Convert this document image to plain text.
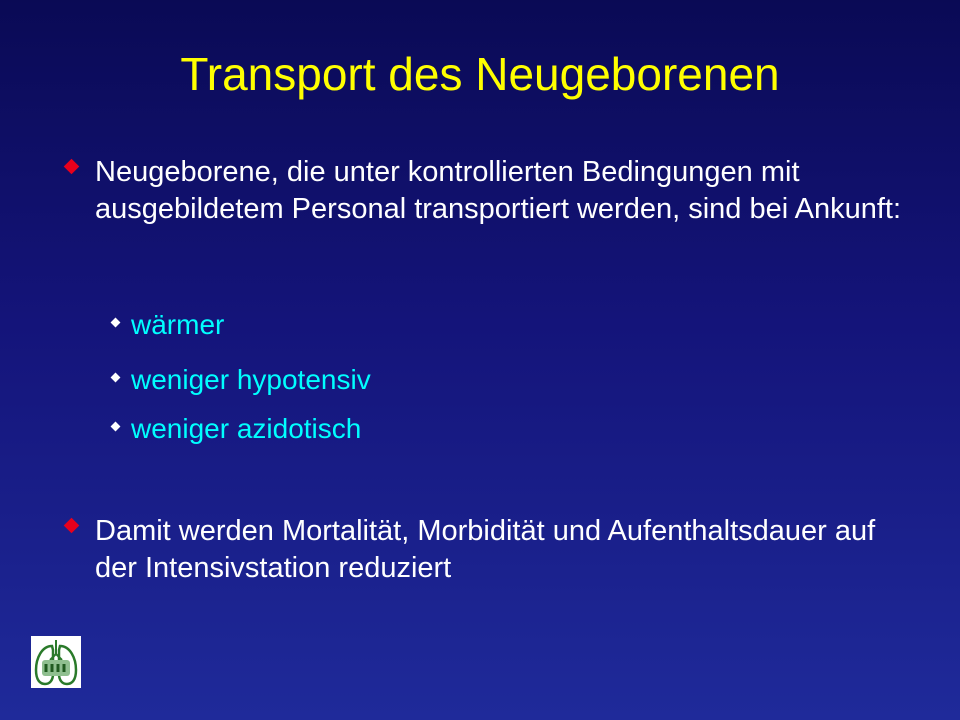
Transport des Neugeborenen
Neugeborene, die unter kontrollierten Bedingungen mit ausgebildetem Personal transportiert werden, sind bei Ankunft:
wärmer
weniger hypotensiv
weniger azidotisch
Damit werden Mortalität, Morbidität und Aufenthaltsdauer auf der Intensivstation reduziert
